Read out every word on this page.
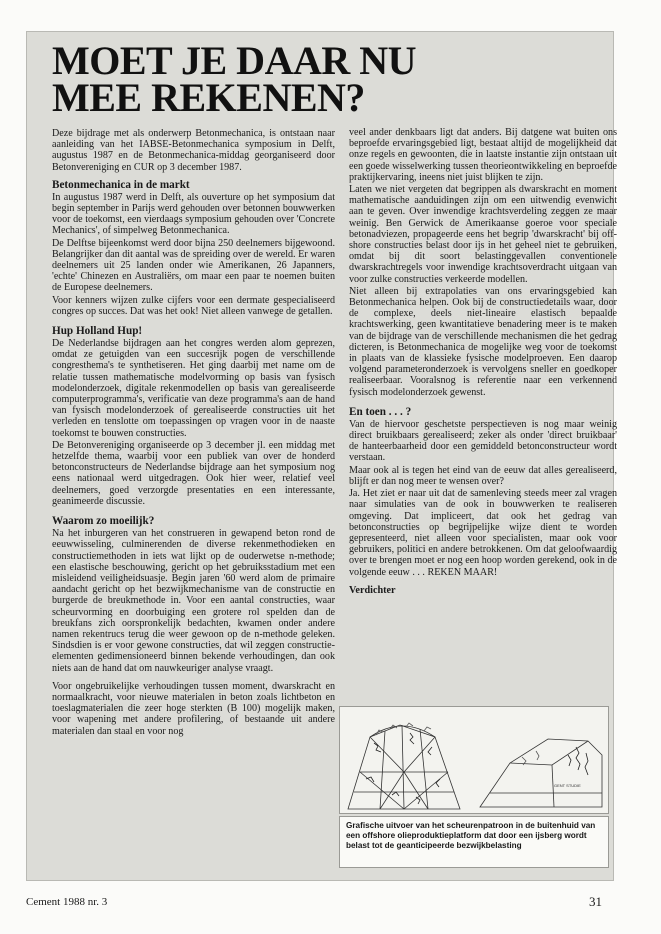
MOET JE DAAR NU MEE REKENEN?

Deze bijdrage met als onderwerp Betonmechanica, is ontstaan naar aanleiding van het IABSE-Betonmechanica symposium in Delft, augustus 1987 en de Betonmechanica-middag georganiseerd door Betonvereniging en CUR op 3 december 1987.

Betonmechanica in de markt

In augustus 1987 werd in Delft, als ouverture op het symposium dat begin september in Parijs werd gehouden over betonnen bouwwerken voor de toekomst, een vierdaags symposium gehouden over 'Concrete Mechanics', of simpelweg Betonmechanica.

De Delftse bijeenkomst werd door bijna 250 deelnemers bijgewoond. Belangrijker dan dit aantal was de spreiding over de wereld. Er waren deelnemers uit 25 landen onder wie Amerikanen, 26 Japanners, 'echte' Chinezen en Australiërs, om maar een paar te noemen buiten de Europese deelnemers.

Voor kenners wijzen zulke cijfers voor een dermate gespecialiseerd congres op succes. Dat was het ook! Niet alleen vanwege de getallen.

Hup Holland Hup!

De Nederlandse bijdragen aan het congres werden alom geprezen, omdat ze getuigden van een succesrijk pogen de verschillende congresthema's te synthetiseren. Het ging daarbij met name om de relatie tussen mathematische modelvorming op basis van fysisch modelonderzoek, digitale rekenmodellen op basis van gerealiseerde computerprogramma's, verificatie van deze programma's aan de hand van fysisch modelonderzoek of gerealiseerde constructies uit het verleden en tenslotte om toepassingen op vragen voor in de naaste toekomst te bouwen constructies.

De Betonvereniging organiseerde op 3 december jl. een middag met hetzelfde thema, waarbij voor een publiek van over de honderd betonconstructeurs de Nederlandse bijdrage aan het symposium nog eens nationaal werd uitgedragen. Ook hier weer, relatief veel deelnemers, goed verzorgde presentaties en een interessante, geanimeerde discussie.

Waarom zo moeilijk?

Na het inburgeren van het construeren in gewapend beton rond de eeuwwisseling, culminerenden de diverse rekenmethodieken en constructiemethoden in iets wat lijkt op de ouderwetse n-methode; een elastische beschouwing, gericht op het gebruiksstadium met een misleidend veiligheidsuasje. Begin jaren '60 werd alom de primaire aandacht gericht op het bezwijkmechanisme van de constructie en burgerde de breukmethode in. Voor een aantal constructies, waar scheurvorming en doorbuiging een grotere rol spelden dan de breukfans zich oorspronkelijk bedachten, kwamen onder andere namen rekentrucs terug die weer gewoon op de n-methode geleken. Sindsdien is er voor gewone constructies, dat wil zeggen constructie-elementen gedimensioneerd binnen bekende verhoudingen, dan ook niets aan de hand dat om nauwkeuriger analyse vraagt.

Voor ongebruikelijke verhoudingen tussen moment, dwarskracht en normaalkracht, voor nieuwe materialen in beton zoals lichtbeton en toeslagmaterialen die zeer hoge sterkten (B 100) mogelijk maken, voor wapening met andere profilering, of bestaande uit andere materialen dan staal en voor nog

veel ander denkbaars ligt dat anders. Bij datgene wat buiten ons beproefde ervaringsgebied ligt, bestaat altijd de mogelijkheid dat onze regels en gewoonten, die in laatste instantie zijn ontstaan uit een goede wisselwerking tussen theorieontwikkeling en beproefde praktijkervaring, ineens niet juist blijken te zijn.

Laten we niet vergeten dat begrippen als dwarskracht en moment mathematische aanduidingen zijn om een uitwendig evenwicht aan te geven. Over inwendige krachtsverdeling zeggen ze maar weinig. Ben Gerwick de Amerikaanse goeroe voor speciale betonadviezen, propageerde eens het begrip 'dwarskracht' bij off-shore constructies belast door ijs in het geheel niet te gebruiken, omdat bij dit soort belastinggevallen conventionele dwarskrachtregels voor inwendige krachtsoverdracht uitgaan van voor zulke constructies verkeerde modellen.

Niet alleen bij extrapolaties van ons ervaringsgebied kan Betonmechanica helpen. Ook bij de constructiedetails waar, door de complexe, deels niet-lineaire elastisch bepaalde krachtswerking, geen kwantitatieve benadering meer is te maken van de bijdrage van de verschillende mechanismen die het gedrag dicteren, is Betonmechanica de mogelijke weg voor de toekomst in plaats van de klassieke fysische modelproeven. Een daarop volgend parameteronderzoek is vervolgens sneller en goedkoper realiseerbaar. Vooralsnog is referentie naar een verkennend fysisch modelonderzoek gewenst.

En toen . . . ?

Van de hiervoor geschetste perspectieven is nog maar weinig direct bruikbaars gerealiseerd; zeker als onder 'direct bruikbaar' de hanteerbaarheid door een gemiddeld betonconstructeur wordt verstaan.

Maar ook al is tegen het eind van de eeuw dat alles gerealiseerd, blijft er dan nog meer te wensen over?

Ja. Het ziet er naar uit dat de samenleving steeds meer zal vragen naar simulaties van de ook in bouwwerken te realiseren omgeving. Dat impliceert, dat ook het gedrag van betonconstructies op begrijpelijke wijze dient te worden gepresenteerd, niet alleen voor specialisten, maar ook voor gebruikers, politici en andere betrokkenen. Om dat geloofwaardig over te brengen moet er nog een hoop worden gerekend, ook in de volgende eeuw . . . REKEN MAAR!

Verdichter
GENT STUDIE
Grafische uitvoer van het scheurenpatroon in de buitenhuid van een offshore olieproduktieplatform dat door een ijsberg wordt belast tot de geanticipeerde bezwijkbelasting
Cement 1988 nr. 3	31
